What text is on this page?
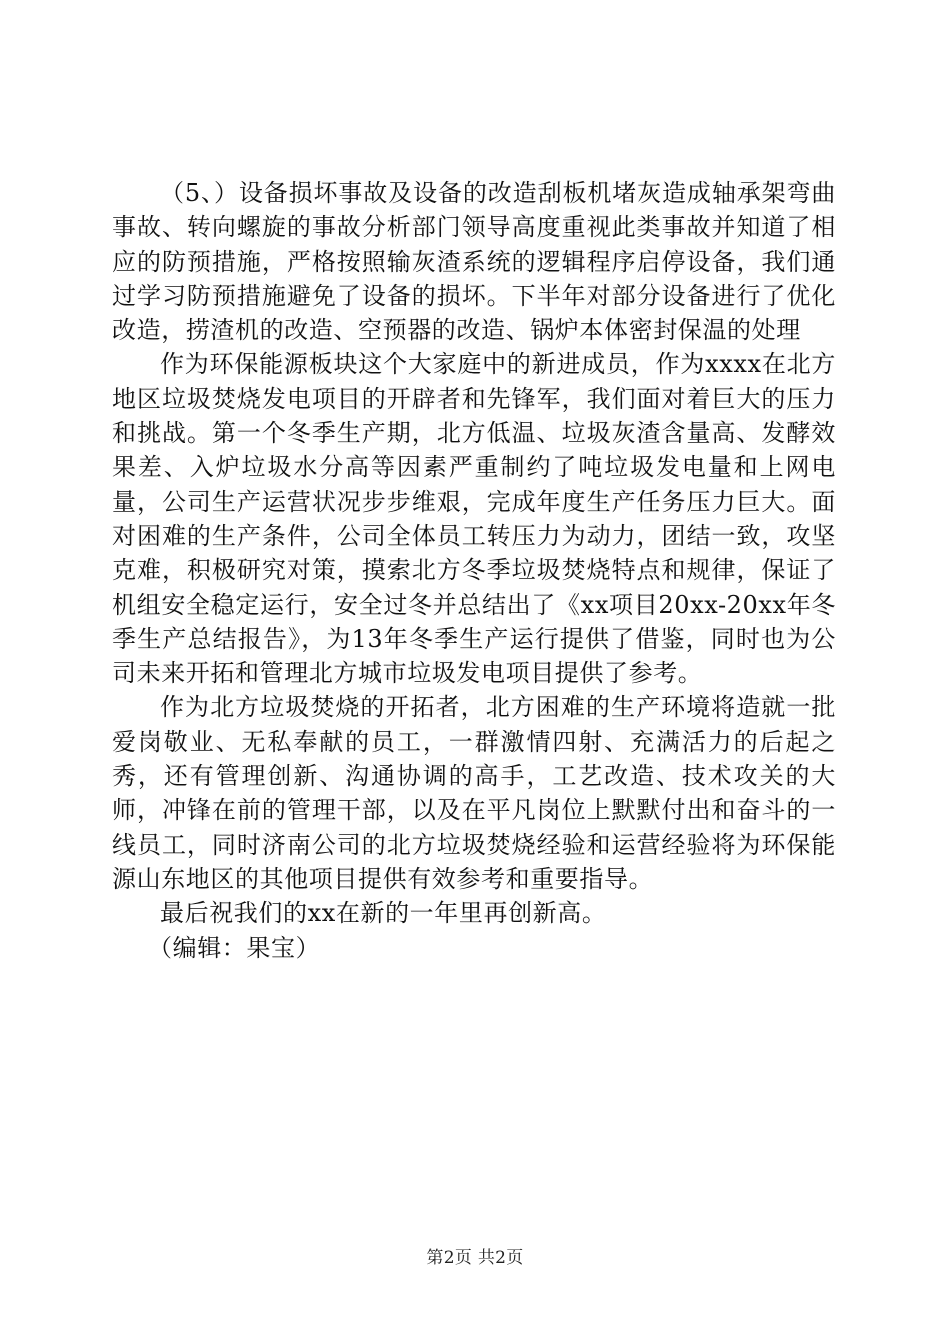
（5、）设备损坏事故及设备的改造刮板机堵灰造成轴承架弯曲事故、转向螺旋的事故分析部门领导高度重视此类事故并知道了相应的防预措施，严格按照输灰渣系统的逻辑程序启停设备，我们通过学习防预措施避免了设备的损坏。下半年对部分设备进行了优化改造，捞渣机的改造、空预器的改造、锅炉本体密封保温的处理

作为环保能源板块这个大家庭中的新进成员，作为xxxx在北方地区垃圾焚烧发电项目的开辟者和先锋军，我们面对着巨大的压力和挑战。第一个冬季生产期，北方低温、垃圾灰渣含量高、发酵效果差、入炉垃圾水分高等因素严重制约了吨垃圾发电量和上网电量，公司生产运营状况步步维艰，完成年度生产任务压力巨大。面对困难的生产条件，公司全体员工转压力为动力，团结一致，攻坚克难，积极研究对策，摸索北方冬季垃圾焚烧特点和规律，保证了机组安全稳定运行，安全过冬并总结出了《xx项目20xx-20xx年冬季生产总结报告》，为13年冬季生产运行提供了借鉴，同时也为公司未来开拓和管理北方城市垃圾发电项目提供了参考。

作为北方垃圾焚烧的开拓者，北方困难的生产环境将造就一批爱岗敬业、无私奉献的员工，一群激情四射、充满活力的后起之秀，还有管理创新、沟通协调的高手，工艺改造、技术攻关的大师，冲锋在前的管理干部，以及在平凡岗位上默默付出和奋斗的一线员工，同时济南公司的北方垃圾焚烧经验和运营经验将为环保能源山东地区的其他项目提供有效参考和重要指导。

最后祝我们的xx在新的一年里再创新高。

（编辑：果宝）

第2页 共2页
